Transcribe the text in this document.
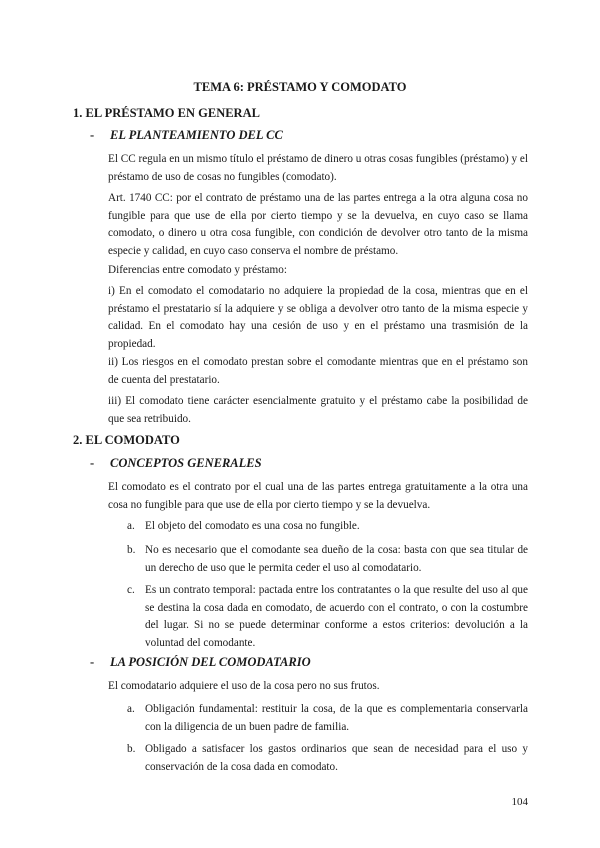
TEMA 6: PRÉSTAMO Y COMODATO
1. EL PRÉSTAMO EN GENERAL
- EL PLANTEAMIENTO DEL CC
El CC regula en un mismo título el préstamo de dinero u otras cosas fungibles (préstamo) y el préstamo de uso de cosas no fungibles (comodato).
Art. 1740 CC: por el contrato de préstamo una de las partes entrega a la otra alguna cosa no fungible para que use de ella por cierto tiempo y se la devuelva, en cuyo caso se llama comodato, o dinero u otra cosa fungible, con condición de devolver otro tanto de la misma especie y calidad, en cuyo caso conserva el nombre de préstamo.
Diferencias entre comodato y préstamo:
i) En el comodato el comodatario no adquiere la propiedad de la cosa, mientras que en el préstamo el prestatario sí la adquiere y se obliga a devolver otro tanto de la misma especie y calidad. En el comodato hay una cesión de uso y en el préstamo una trasmisión de la propiedad.
ii) Los riesgos en el comodato prestan sobre el comodante mientras que en el préstamo son de cuenta del prestatario.
iii) El comodato tiene carácter esencialmente gratuito y el préstamo cabe la posibilidad de que sea retribuido.
2. EL COMODATO
- CONCEPTOS GENERALES
El comodato es el contrato por el cual una de las partes entrega gratuitamente a la otra una cosa no fungible para que use de ella por cierto tiempo y se la devuelva.
a. El objeto del comodato es una cosa no fungible.
b. No es necesario que el comodante sea dueño de la cosa: basta con que sea titular de un derecho de uso que le permita ceder el uso al comodatario.
c. Es un contrato temporal: pactada entre los contratantes o la que resulte del uso al que se destina la cosa dada en comodato, de acuerdo con el contrato, o con la costumbre del lugar. Si no se puede determinar conforme a estos criterios: devolución a la voluntad del comodante.
- LA POSICIÓN DEL COMODATARIO
El comodatario adquiere el uso de la cosa pero no sus frutos.
a. Obligación fundamental: restituir la cosa, de la que es complementaria conservarla con la diligencia de un buen padre de familia.
b. Obligado a satisfacer los gastos ordinarios que sean de necesidad para el uso y conservación de la cosa dada en comodato.
104
